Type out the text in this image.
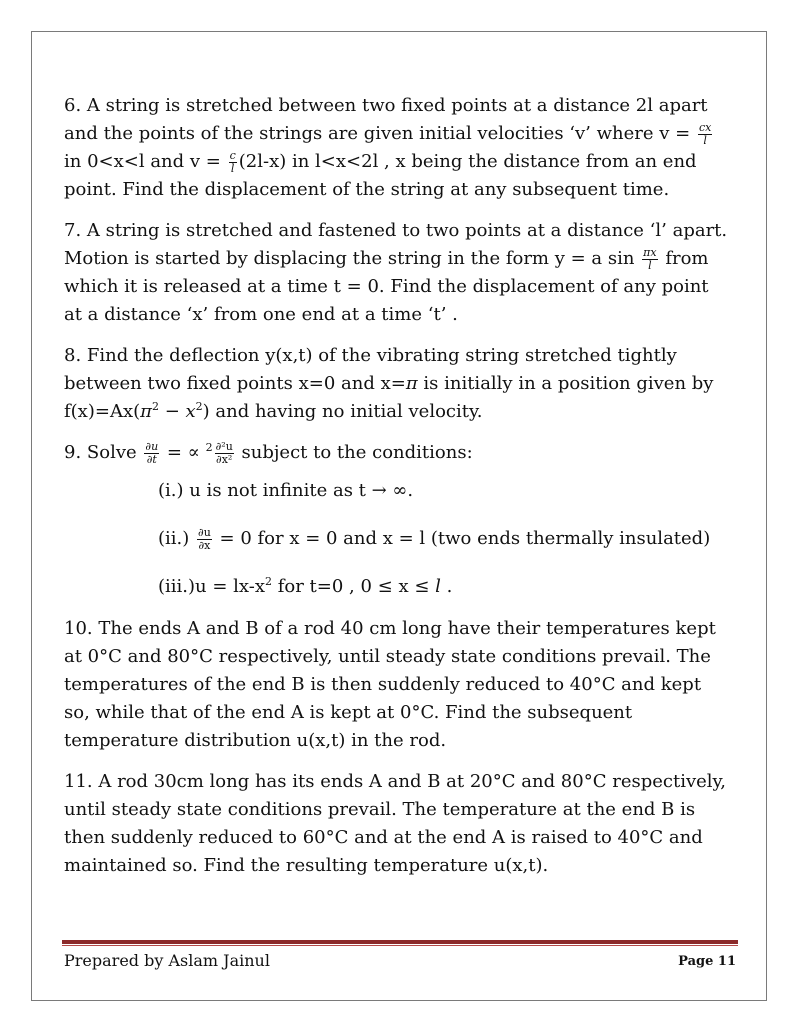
6. A string is stretched between two fixed points at a distance 2l apart and the points of the strings are given initial velocities ‘v’ where $v = \frac{cx}{l}$
in 0<x<l and $v = \frac{c}{l} (2l-x)$ in l<x<2l , x being the distance from an end point. Find the displacement of the string at any subsequent time.

7. A string is stretched and fastened to two points at a distance ‘l’ apart. Motion is started by displacing the string in the form y = a $\sin \frac{\pi x}{l}$ from which it is released at a time t = 0. Find the displacement of any point at a distance ‘x’ from one end at a time ‘t’ .

8. Find the deflection y(x,t) of the vibrating string stretched tightly between two fixed points x=0 and x=π is initially in a position given by $f(x)=Ax(\pi^2 - x^2)$ and having no initial velocity.

9. Solve $\frac{\partial u}{\partial t}$ = ∝ $^2 \frac{\text{∂²u}}{\text{∂x²}}$ subject to the conditions:
(i.) u is not infinite as t → ∞.
$(ii.) \frac{\partial u}{\partial x} = 0$ for x = 0 and x = l (two ends thermally insulated)
$(iii.)u = lx-x^2$ for t=0 , 0 ≤ x ≤ l .

10. The ends A and B of a rod 40 cm long have their temperatures kept at 0°C and 80°C respectively, until steady state conditions prevail. The temperatures of the end B is then suddenly reduced to 40°C and kept so, while that of the end A is kept at 0°C. Find the subsequent temperature distribution u(x,t) in the rod.

11. A rod 30cm long has its ends A and B at 20°C and 80°C respectively, until steady state conditions prevail. The temperature at the end B is then suddenly reduced to 60°C and at the end A is raised to 40°C and maintained so. Find the resulting temperature u(x,t).

Prepared by Aslam Jainul	Page 11
